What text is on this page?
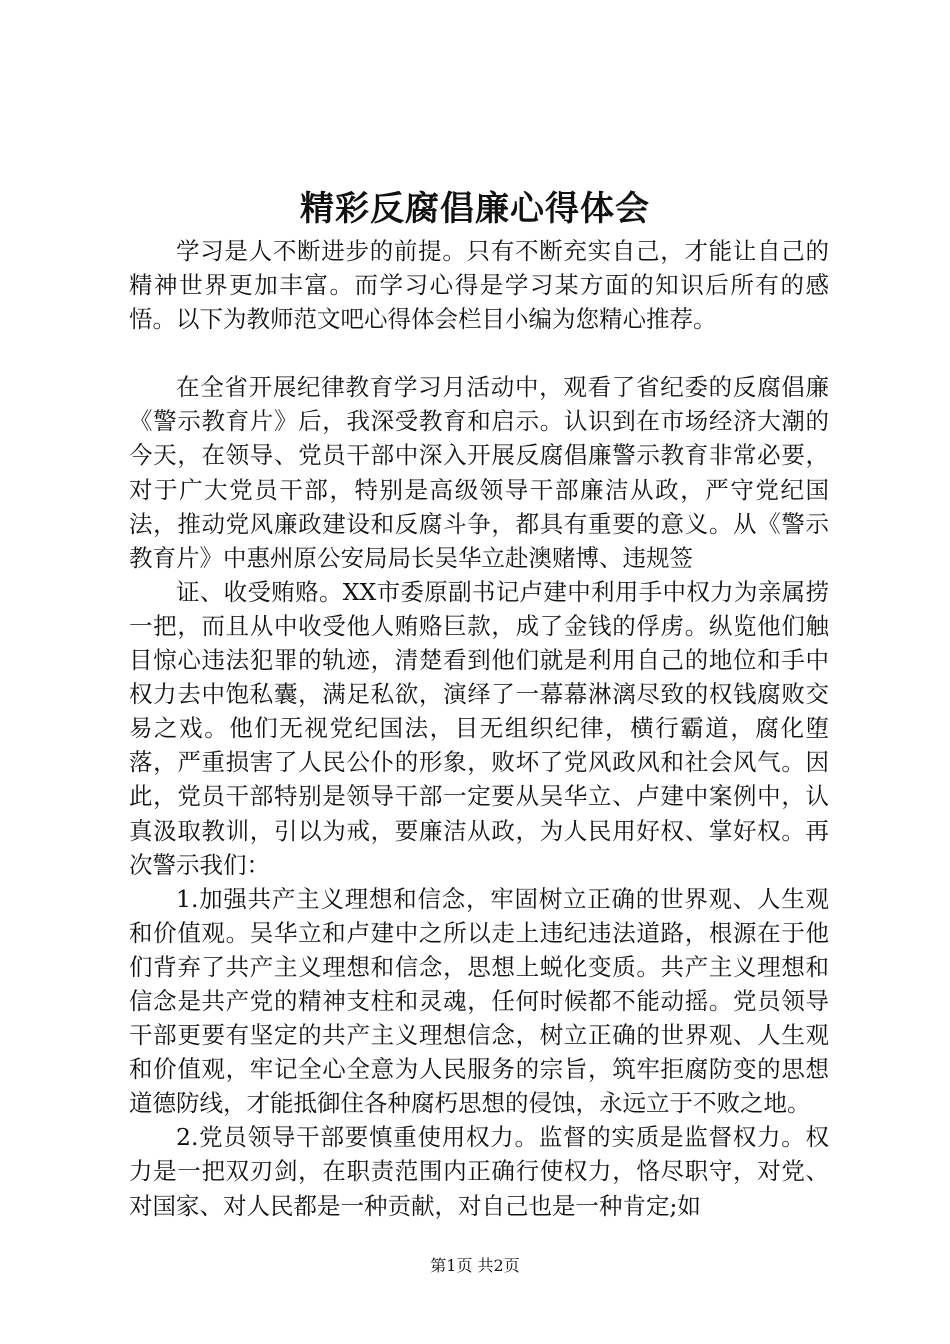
精彩反腐倡廉心得体会

学习是人不断进步的前提。只有不断充实自己，才能让自己的精神世界更加丰富。而学习心得是学习某方面的知识后所有的感悟。以下为教师范文吧心得体会栏目小编为您精心推荐。

在全省开展纪律教育学习月活动中，观看了省纪委的反腐倡廉《警示教育片》后，我深受教育和启示。认识到在市场经济大潮的今天，在领导、党员干部中深入开展反腐倡廉警示教育非常必要，对于广大党员干部，特别是高级领导干部廉洁从政，严守党纪国法，推动党风廉政建设和反腐斗争，都具有重要的意义。从《警示教育片》中惠州原公安局局长吴华立赴澳赌博、违规签

证、收受贿赂。XX市委原副书记卢建中利用手中权力为亲属捞一把，而且从中收受他人贿赂巨款，成了金钱的俘虏。纵览他们触目惊心违法犯罪的轨迹，清楚看到他们就是利用自己的地位和手中权力去中饱私囊，满足私欲，演绎了一幕幕淋漓尽致的权钱腐败交易之戏。他们无视党纪国法，目无组织纪律，横行霸道，腐化堕落，严重损害了人民公仆的形象，败坏了党风政风和社会风气。因此，党员干部特别是领导干部一定要从吴华立、卢建中案例中，认真汲取教训，引以为戒，要廉洁从政，为人民用好权、掌好权。再次警示我们：

1.加强共产主义理想和信念，牢固树立正确的世界观、人生观和价值观。吴华立和卢建中之所以走上违纪违法道路，根源在于他们背弃了共产主义理想和信念，思想上蜕化变质。共产主义理想和信念是共产党的精神支柱和灵魂，任何时候都不能动摇。党员领导干部更要有坚定的共产主义理想信念，树立正确的世界观、人生观和价值观，牢记全心全意为人民服务的宗旨，筑牢拒腐防变的思想道德防线，才能抵御住各种腐朽思想的侵蚀，永远立于不败之地。

2.党员领导干部要慎重使用权力。监督的实质是监督权力。权力是一把双刃剑，在职责范围内正确行使权力，恪尽职守，对党、对国家、对人民都是一种贡献，对自己也是一种肯定;如

第1页 共2页
